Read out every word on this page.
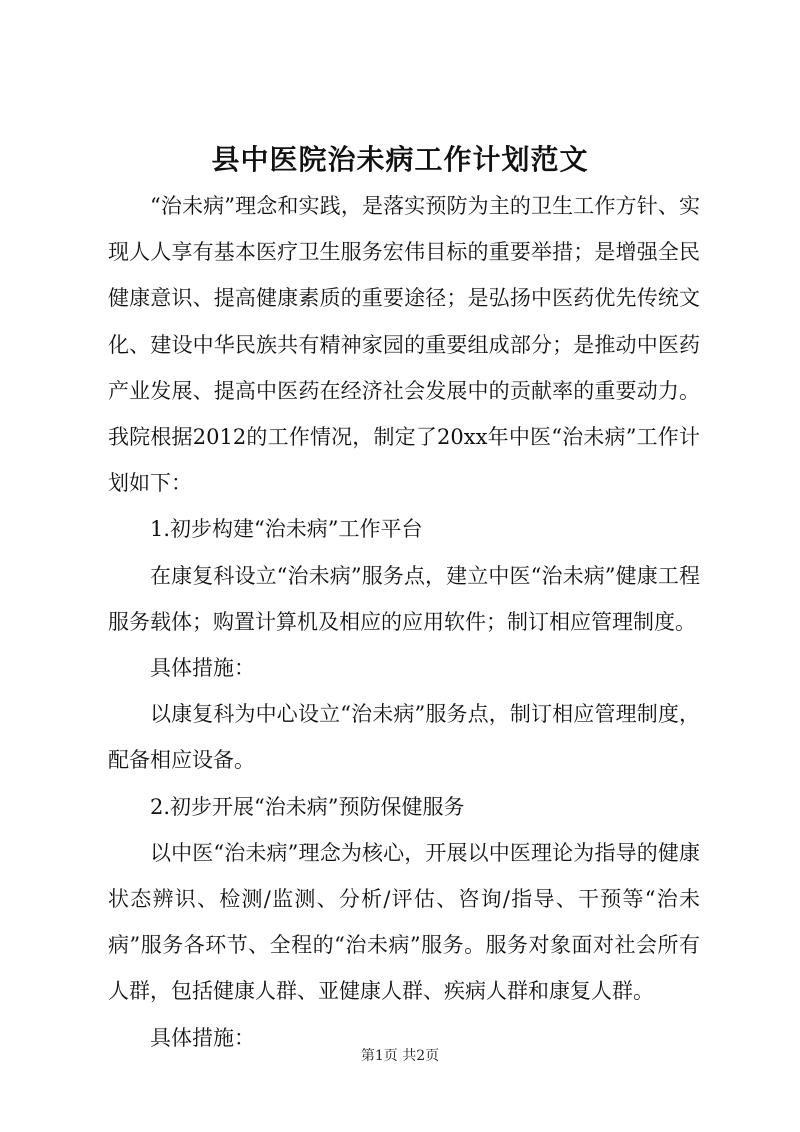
县中医院治未病工作计划范文

“治未病”理念和实践，是落实预防为主的卫生工作方针、实现人人享有基本医疗卫生服务宏伟目标的重要举措；是增强全民健康意识、提高健康素质的重要途径；是弘扬中医药优先传统文化、建设中华民族共有精神家园的重要组成部分；是推动中医药产业发展、提高中医药在经济社会发展中的贡献率的重要动力。我院根据2012的工作情况，制定了20xx年中医“治未病”工作计划如下：

1.初步构建“治未病”工作平台

在康复科设立“治未病”服务点，建立中医“治未病”健康工程服务载体；购置计算机及相应的应用软件；制订相应管理制度。

具体措施：

以康复科为中心设立“治未病”服务点，制订相应管理制度，配备相应设备。

2.初步开展“治未病”预防保健服务

以中医“治未病”理念为核心，开展以中医理论为指导的健康状态辨识、检测/监测、分析/评估、咨询/指导、干预等“治未病”服务各环节、全程的“治未病”服务。服务对象面对社会所有人群，包括健康人群、亚健康人群、疾病人群和康复人群。

具体措施：

第1页 共2页
